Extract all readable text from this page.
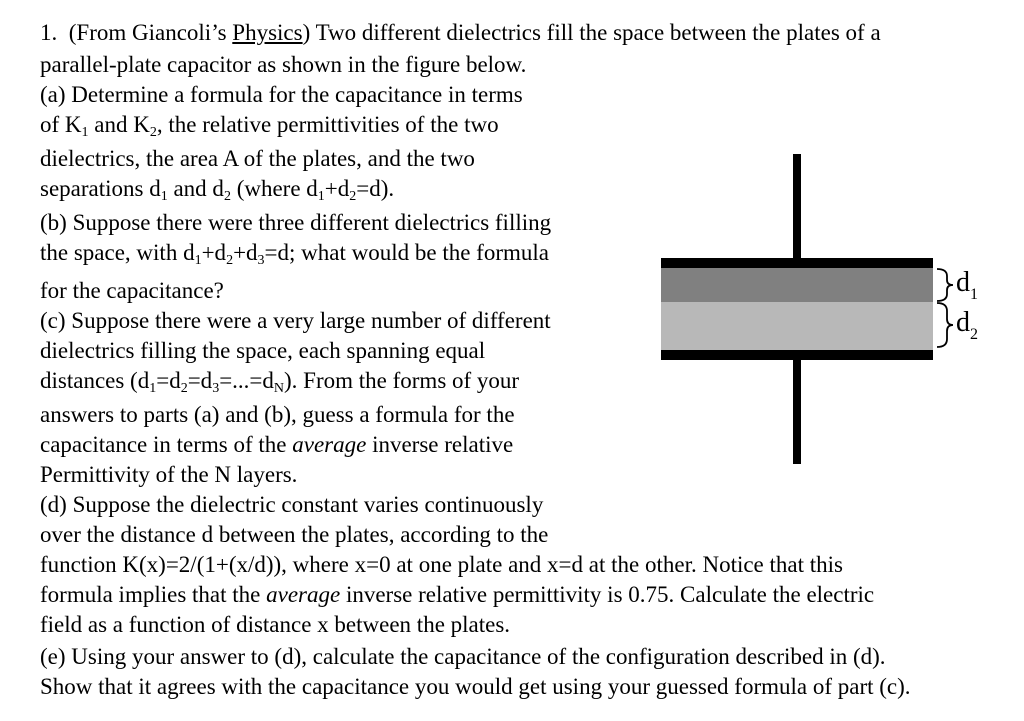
1. (From Giancoli’s Physics) Two different dielectrics fill the space between the plates of a
parallel-plate capacitor as shown in the figure below.
(a) Determine a formula for the capacitance in terms
of $K_1$ and $K_2$, the relative permittivities of the two
dielectrics, the area A of the plates, and the two
separations $d_1$ and $d_2$ (where $d_1+d_2=d$).
(b) Suppose there were three different dielectrics filling
the space, with $d_1+d_2+d_3=d$; what would be the formula
for the capacitance?
(c) Suppose there were a very large number of different
dielectrics filling the space, each spanning equal
distances $(d_1=d_2=d_3=...=d_N)$. From the forms of your
answers to parts (a) and (b), guess a formula for the
capacitance in terms of the average inverse relative
Permittivity of the N layers.
(d) Suppose the dielectric constant varies continuously
over the distance d between the plates, according to the
function K(x)=2/(1+(x/d)), where x=0 at one plate and x=d at the other. Notice that this
formula implies that the average inverse relative permittivity is 0.75. Calculate the electric
field as a function of distance x between the plates.
(e) Using your answer to (d), calculate the capacitance of the configuration described in (d).
Show that it agrees with the capacitance you would get using your guessed formula of part (c).
$d_1$
$d_2$
